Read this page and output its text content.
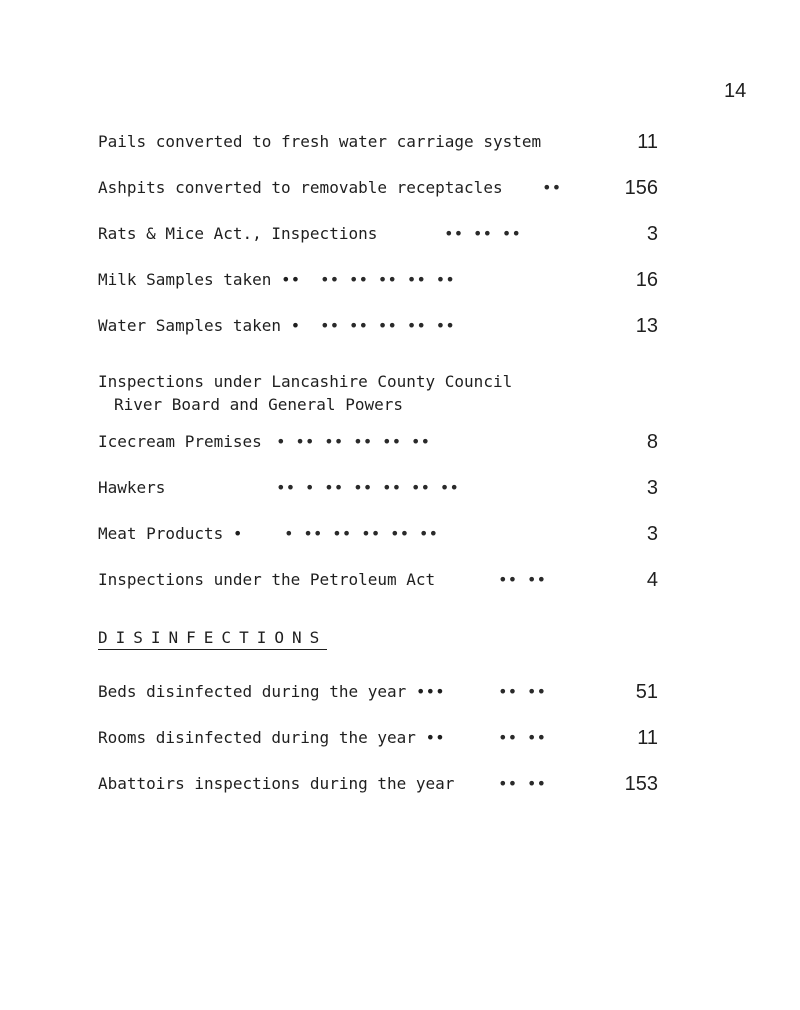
14
Pails converted to fresh water carriage system	11
Ashpits converted to removable receptacles ••	156
Rats & Mice Act., Inspections	•• •• ••	3
Milk Samples taken •• •• •• •• •• ••	16
Water Samples taken • •• •• •• •• ••	13
Inspections under Lancashire County Council
River Board and General Powers
Icecream Premises • •• •• •• •• ••	8
Hawkers	•• • •• •• •• •• ••	3
Meat Products •	• •• •• •• •• ••	3
Inspections under the Petroleum Act	•• ••	4
DISINFECTIONS
Beds disinfected during the year •••	•• ••	51
Rooms disinfected during the year ••	•• ••	11
Abattoirs inspections during the year	•• ••	153
